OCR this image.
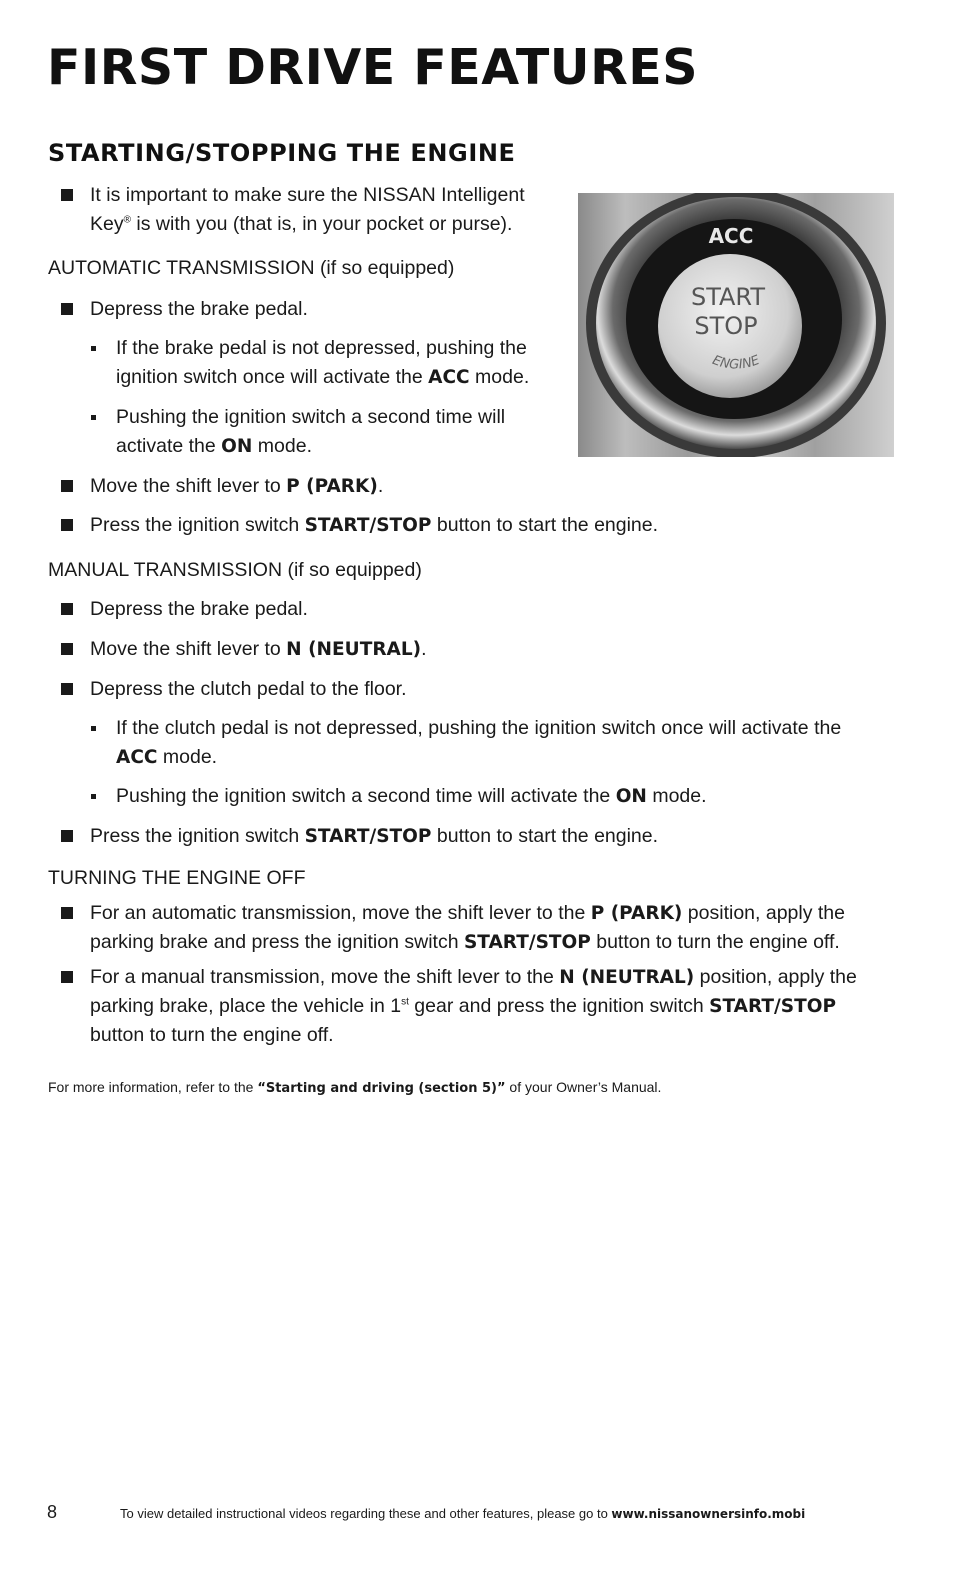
FIRST DRIVE FEATURES
STARTING/STOPPING THE ENGINE
ACC
START
STOP
ENGINE

It is important to make sure the NISSAN Intelligent

Key® is with you (that is, in your pocket or purse).

AUTOMATIC TRANSMISSION (if so equipped)

Depress the brake pedal.

If the brake pedal is not depressed, pushing the

ignition switch once will activate the ACC mode.

Pushing the ignition switch a second time will

activate the ON mode.

Move the shift lever to P (PARK).

Press the ignition switch START/STOP button to start the engine.

MANUAL TRANSMISSION (if so equipped)

Depress the brake pedal.

Move the shift lever to N (NEUTRAL).

Depress the clutch pedal to the floor.

If the clutch pedal is not depressed, pushing the ignition switch once will activate the

ACC mode.

Pushing the ignition switch a second time will activate the ON mode.

Press the ignition switch START/STOP button to start the engine.

TURNING THE ENGINE OFF

For an automatic transmission, move the shift lever to the P (PARK) position, apply the

parking brake and press the ignition switch START/STOP button to turn the engine off.

For a manual transmission, move the shift lever to the N (NEUTRAL) position, apply the

parking brake, place the vehicle in 1st gear and press the ignition switch START/STOP

button to turn the engine off.

For more information, refer to the “Starting and driving (section 5)” of your Owner’s Manual.

8	To view detailed instructional videos regarding these and other features, please go to www.nissanownersinfo.mobi
